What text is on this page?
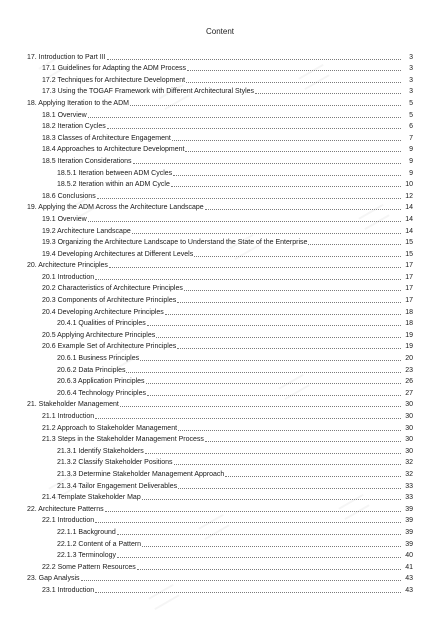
Content
17. Introduction to Part III	3
17.1 Guidelines for Adapting the ADM Process	3
17.2 Techniques for Architecture Development	3
17.3 Using the TOGAF Framework with Different Architectural Styles	3
18. Applying Iteration to the ADM	5
18.1 Overview	5
18.2 Iteration Cycles	6
18.3 Classes of Architecture Engagement	7
18.4 Approaches to Architecture Development	9
18.5 Iteration Considerations	9
18.5.1 Iteration between ADM Cycles	9
18.5.2 Iteration within an ADM Cycle	10
18.6 Conclusions	12
19. Applying the ADM Across the Architecture Landscape	14
19.1 Overview	14
19.2 Architecture Landscape	14
19.3 Organizing the Architecture Landscape to Understand the State of the Enterprise	15
19.4 Developing Architectures at Different Levels	15
20. Architecture Principles	17
20.1 Introduction	17
20.2 Characteristics of Architecture Principles	17
20.3 Components of Architecture Principles	17
20.4 Developing Architecture Principles	18
20.4.1 Qualities of Principles	18
20.5 Applying Architecture Principles	19
20.6 Example Set of Architecture Principles	19
20.6.1 Business Principles	20
20.6.2 Data Principles	23
20.6.3 Application Principles	26
20.6.4 Technology Principles	27
21. Stakeholder Management	30
21.1 Introduction	30
21.2 Approach to Stakeholder Management	30
21.3 Steps in the Stakeholder Management Process	30
21.3.1 Identify Stakeholders	30
21.3.2 Classify Stakeholder Positions	32
21.3.3 Determine Stakeholder Management Approach	32
21.3.4 Tailor Engagement Deliverables	33
21.4 Template Stakeholder Map	33
22. Architecture Patterns	39
22.1 Introduction	39
22.1.1 Background	39
22.1.2 Content of a Pattern	39
22.1.3 Terminology	40
22.2 Some Pattern Resources	41
23. Gap Analysis	43
23.1 Introduction	43
